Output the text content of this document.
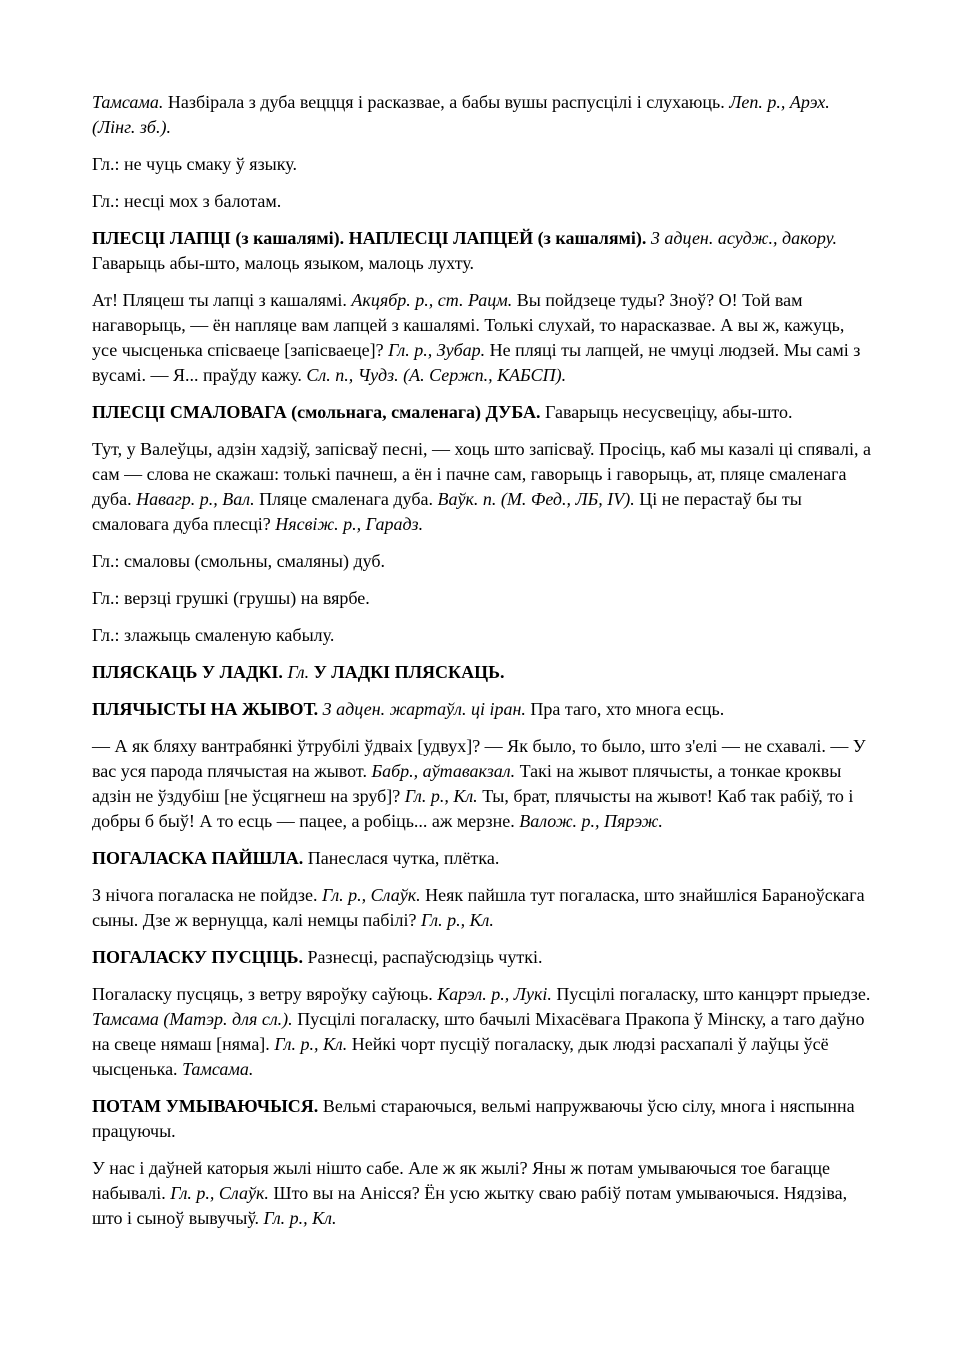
Тамсама. Назбірала з дуба веццця і расказвае, а бабы вушы распусцілі і слухаюць. Леп. р., Арэх. (Лінг. зб.).

Гл.: не чуць смаку ў языку.

Гл.: несці мох з балотам.

ПЛЕСЦІ ЛАПЦІ (з кашалямі). НАПЛЕСЦІ ЛАПЦЕЙ (з кашалямі). 3 адцен. асудж., дакору. Гаварыць абы-што, малоць языком, малоць лухту.

Ат! Пляцеш ты лапці з кашалямі. Акцябр. р., ст. Рацм. Вы пойдзеце туды? Зноў? О! Той вам нагаворыць, — ён напляце вам лапцей з кашалямі. Толькі слухай, то нараcказвае. А вы ж, кажуць, усе чысценька спісваеце [запісваеце]? Гл. р., Зубар. Не пляці ты лапцей, не чмуці людзей. Мы самі з вусамі. — Я... праўду кажу. Сл. п., Чудз. (А. Сержп., КАБСП).

ПЛЕСЦІ СМАЛОВАГА (смольнага, смаленага) ДУБА. Гаварыць несусвеціцу, абы-што.

Тут, у Валеўцы, адзін хадзіў, запісваў песні, — хоць што запісваў. Просіць, каб мы казалі ці спявалі, а сам — слова не скажаш: толькі пачнеш, а ён і пачне сам, гаворыць і гаворыць, ат, пляце смаленага дуба. Навагр. р., Вал. Пляце смаленага дуба. Ваўк. п. (М. Фед., ЛБ, IV). Ці не перастаў бы ты смаловага дуба плесці? Нясвіж. р., Гарадз.

Гл.: смаловы (смольны, смаляны) дуб.

Гл.: верзці грушкі (грушы) на вярбе.

Гл.: злажыць смаленую кабылу.

ПЛЯСКАЦЬ У ЛАДКІ. Гл. У ЛАДКІ ПЛЯСКАЦЬ.

ПЛЯЧЫСТЫ НА ЖЫВОТ. 3 адцен. жартаўл. ці іран. Пра таго, хто многа есць.

— А як бляху вантрабянкі ўтрубілі ўдваіх [удвух]? — Як было, то было, што з'елі — не схавалі. — У вас уся парода плячыстая на жывот. Бабр., аўтавакзал. Такі на жывот плячысты, а тонкае кроквы адзін не ўздубіш [не ўсцягнеш на зруб]? Гл. р., Кл. Ты, брат, плячысты на жывот! Каб так рабіў, то і добры б быў! А то есць — пацее, а робіць... аж мерзне. Валож. р., Пярэж.

ПОГАЛАСКА ПАЙШЛА. Панеслася чутка, плётка.

З нічога погаласка не пойдзе. Гл. р., Слаўк. Неяк пайшла тут погаласка, што знайшліся Бараноўскага сыны. Дзе ж вернуцца, калі немцы пабілі? Гл. р., Кл.

ПОГАЛАСКУ ПУСЦІЦЬ. Разнесці, распаўсюдзіць чуткі.

Погаласку пусцяць, з ветру вяроўку саўюць. Карэл. р., Лукі. Пусцілі погаласку, што канцэрт прыедзе. Тамсама (Матэр. для сл.). Пусцілі погаласку, што бачылі Міхасёвага Пракопа ў Мінску, а таго даўно на свеце нямаш [няма]. Гл. р., Кл. Нейкі чорт пусціў погаласку, дык людзі расхапалі ў лаўцы ўсё чысценька. Тамсама.

ПОТАМ УМЫВАЮЧЫСЯ. Вельмі стараючыся, вельмі напружваючы ўсю сілу, многа і няспынна працуючы.

У нас і даўней каторыя жылі ніштo сабе. Але ж як жылі? Яны ж потам умываючыся тое багацце набывалі. Гл. р., Слаўк. Што вы на Анісся? Ён усю жытку сваю рабіў потам умываючыся. Нядзіва, што і сыноў вывучыў. Гл. р., Кл.
